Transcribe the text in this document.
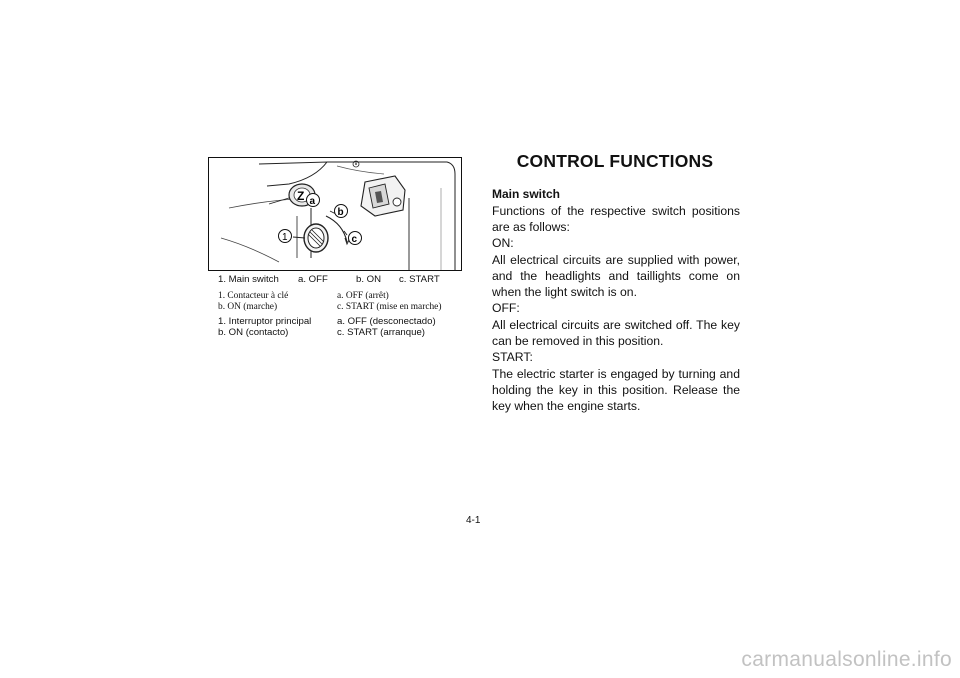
Z a
b
c
1
1. Main switch a. OFF	b. ON c. START
1. Contacteur à clé	a. OFF (arrêt)
b. ON (marche)	c. START (mise en marche)
1. Interruptor principal	a. OFF (desconectado)
b. ON (contacto)	c. START (arranque)
CONTROL FUNCTIONS
Main switch
Functions of the respective switch positions are as follows:
ON:
All electrical circuits are supplied with power, and the headlights and taillights come on when the light switch is on.
OFF:
All electrical circuits are switched off. The key can be removed in this position.
START:
The electric starter is engaged by turning and holding the key in this position. Release the key when the engine starts.
4-1
carmanualsonline.info
